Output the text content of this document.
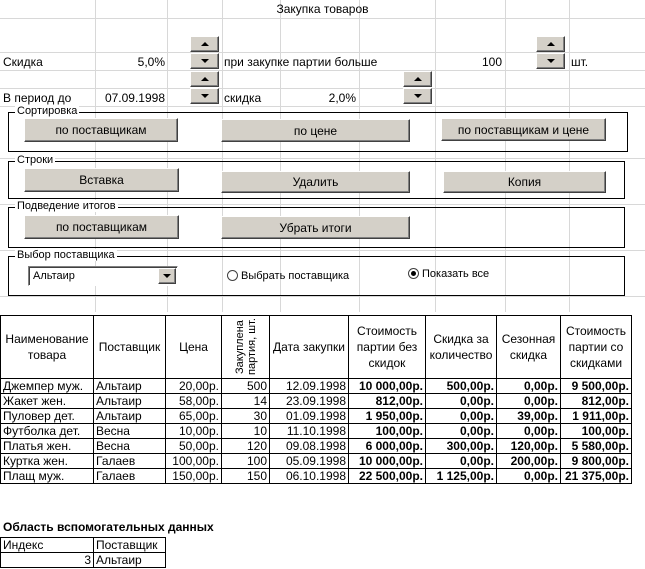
Закупка товаров
Скидка	5,0%	при закупке партии больше	100	шт.
В период до	07.09.1998	скидка	2,0%
Сортировка
по поставщикам	по цене	по поставщикам и цене
Строки
Вставка	Удалить	Копия
Подведение итогов
по поставщикам	Убрать итоги
Выбор поставщика
Альтаир	Выбрать поставщика	Показать все
Наименование товара	Поставщик	Цена	Закуплена партия, шт.	Дата закупки	Стоимость партии без скидок	Скидка за количество	Сезонная скидка	Стоимость партии со скидками
Джемпер муж.	Альтаир	20,00р.	500	12.09.1998	10 000,00р.	500,00р.	0,00р.	9 500,00р.
Жакет жен.	Альтаир	58,00р.	14	23.09.1998	812,00р.	0,00р.	0,00р.	812,00р.
Пуловер дет.	Альтаир	65,00р.	30	01.09.1998	1 950,00р.	0,00р.	39,00р.	1 911,00р.
Футболка дет.	Весна	10,00р.	10	11.10.1998	100,00р.	0,00р.	0,00р.	100,00р.
Платья жен.	Весна	50,00р.	120	09.08.1998	6 000,00р.	300,00р.	120,00р.	5 580,00р.
Куртка жен.	Галаев	100,00р.	100	05.09.1998	10 000,00р.	0,00р.	200,00р.	9 800,00р.
Плащ муж.	Галаев	150,00р.	150	06.10.1998	22 500,00р.	1 125,00р.	0,00р.	21 375,00р.
Область вспомогательных данных
Индекс	Поставщик
3	Альтаир
